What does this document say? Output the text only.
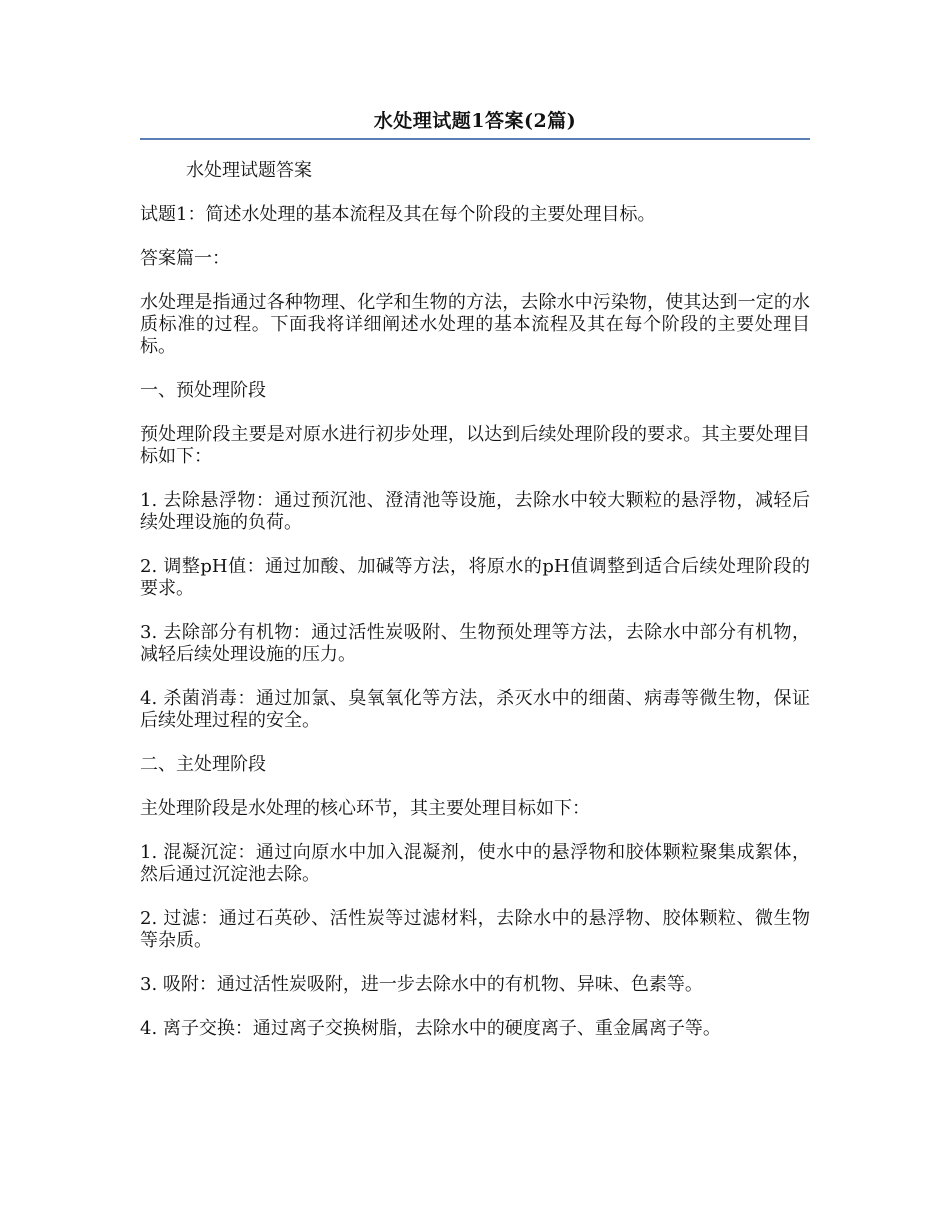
水处理试题1答案(2篇)

水处理试题答案

试题1：简述水处理的基本流程及其在每个阶段的主要处理目标。

答案篇一：

水处理是指通过各种物理、化学和生物的方法，去除水中污染物，使其达到一定的水质标准的过程。下面我将详细阐述水处理的基本流程及其在每个阶段的主要处理目标。

一、预处理阶段

预处理阶段主要是对原水进行初步处理，以达到后续处理阶段的要求。其主要处理目标如下：

1. 去除悬浮物：通过预沉池、澄清池等设施，去除水中较大颗粒的悬浮物，减轻后续处理设施的负荷。

2. 调整pH值：通过加酸、加碱等方法，将原水的pH值调整到适合后续处理阶段的要求。

3. 去除部分有机物：通过活性炭吸附、生物预处理等方法，去除水中部分有机物，减轻后续处理设施的压力。

4. 杀菌消毒：通过加氯、臭氧氧化等方法，杀灭水中的细菌、病毒等微生物，保证后续处理过程的安全。

二、主处理阶段

主处理阶段是水处理的核心环节，其主要处理目标如下：

1. 混凝沉淀：通过向原水中加入混凝剂，使水中的悬浮物和胶体颗粒聚集成絮体，然后通过沉淀池去除。

2. 过滤：通过石英砂、活性炭等过滤材料，去除水中的悬浮物、胶体颗粒、微生物等杂质。

3. 吸附：通过活性炭吸附，进一步去除水中的有机物、异味、色素等。

4. 离子交换：通过离子交换树脂，去除水中的硬度离子、重金属离子等。
